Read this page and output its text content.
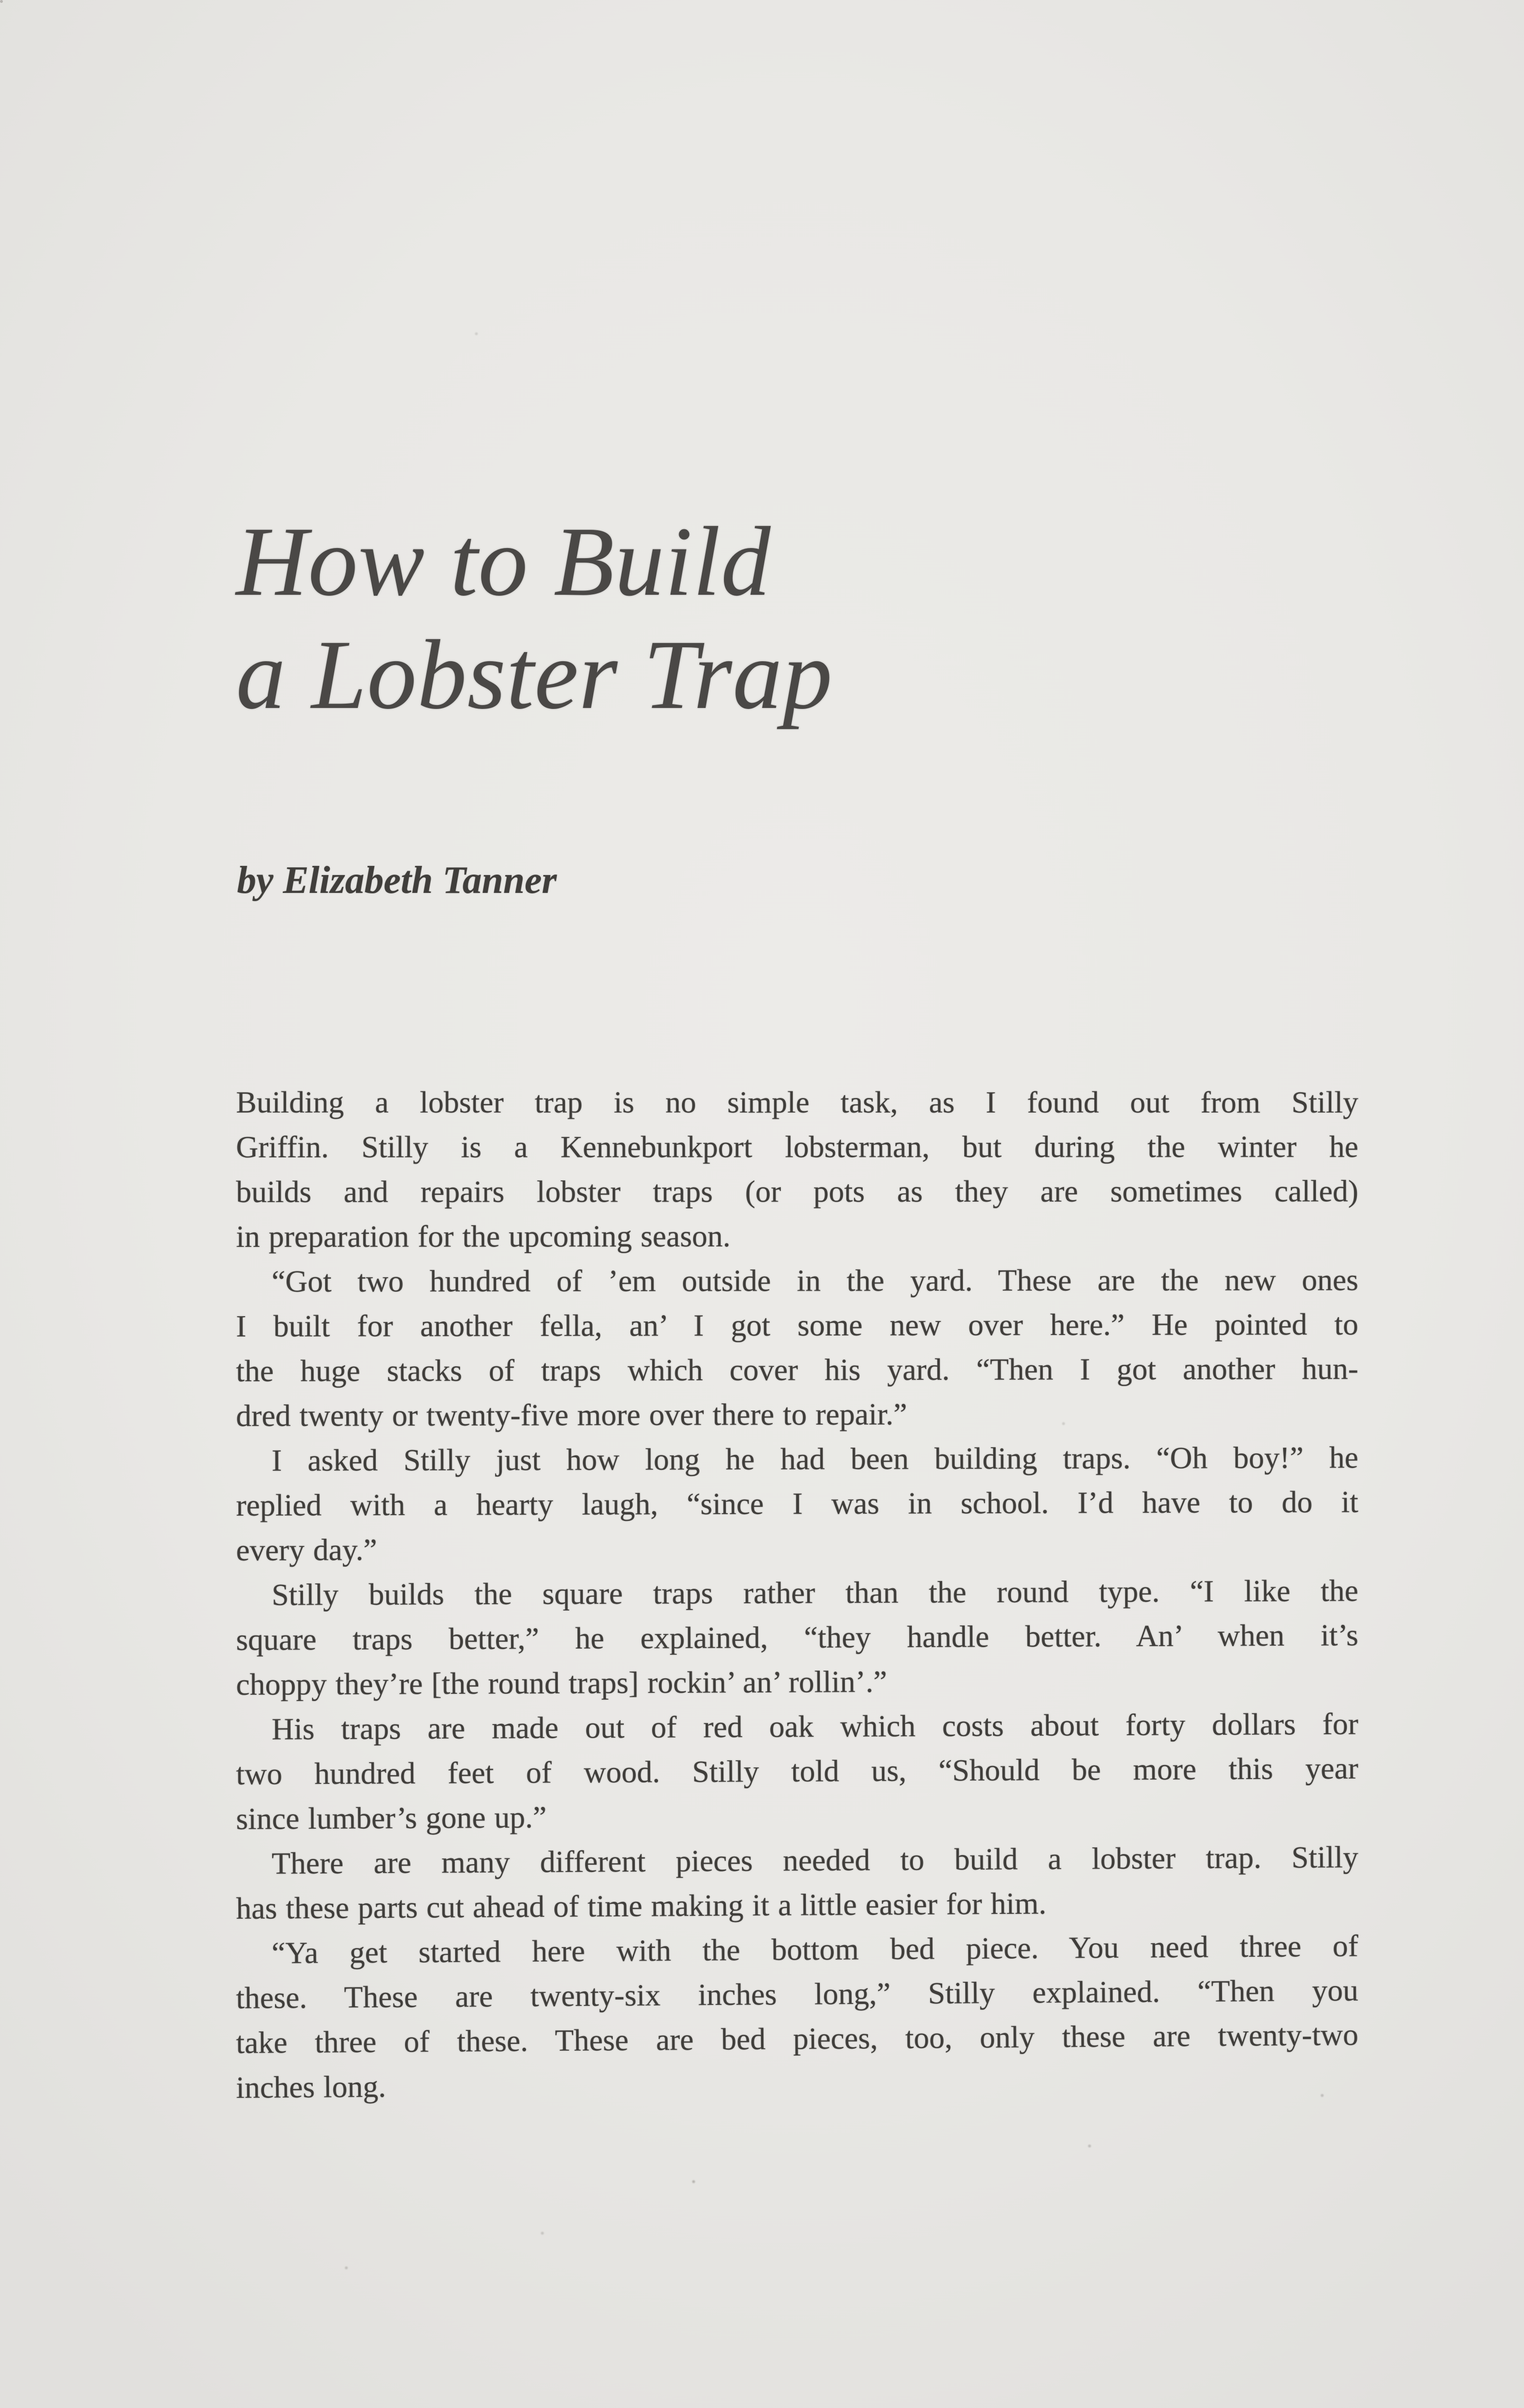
How to Build
a Lobster Trap
by Elizabeth Tanner
Building a lobster trap is no simple task, as I found out from Stilly
Griffin. Stilly is a Kennebunkport lobsterman, but during the winter he
builds and repairs lobster traps (or pots as they are sometimes called)
in preparation for the upcoming season.
“Got two hundred of ’em outside in the yard. These are the new ones
I built for another fella, an’ I got some new over here.” He pointed to
the huge stacks of traps which cover his yard. “Then I got another hun-
dred twenty or twenty-five more over there to repair.”
I asked Stilly just how long he had been building traps. “Oh boy!” he
replied with a hearty laugh, “since I was in school. I’d have to do it
every day.”
Stilly builds the square traps rather than the round type. “I like the
square traps better,” he explained, “they handle better. An’ when it’s
choppy they’re [the round traps] rockin’ an’ rollin’.”
His traps are made out of red oak which costs about forty dollars for
two hundred feet of wood. Stilly told us, “Should be more this year
since lumber’s gone up.”
There are many different pieces needed to build a lobster trap. Stilly
has these parts cut ahead of time making it a little easier for him.
“Ya get started here with the bottom bed piece. You need three of
these. These are twenty-six inches long,” Stilly explained. “Then you
take three of these. These are bed pieces, too, only these are twenty-two
inches long.
